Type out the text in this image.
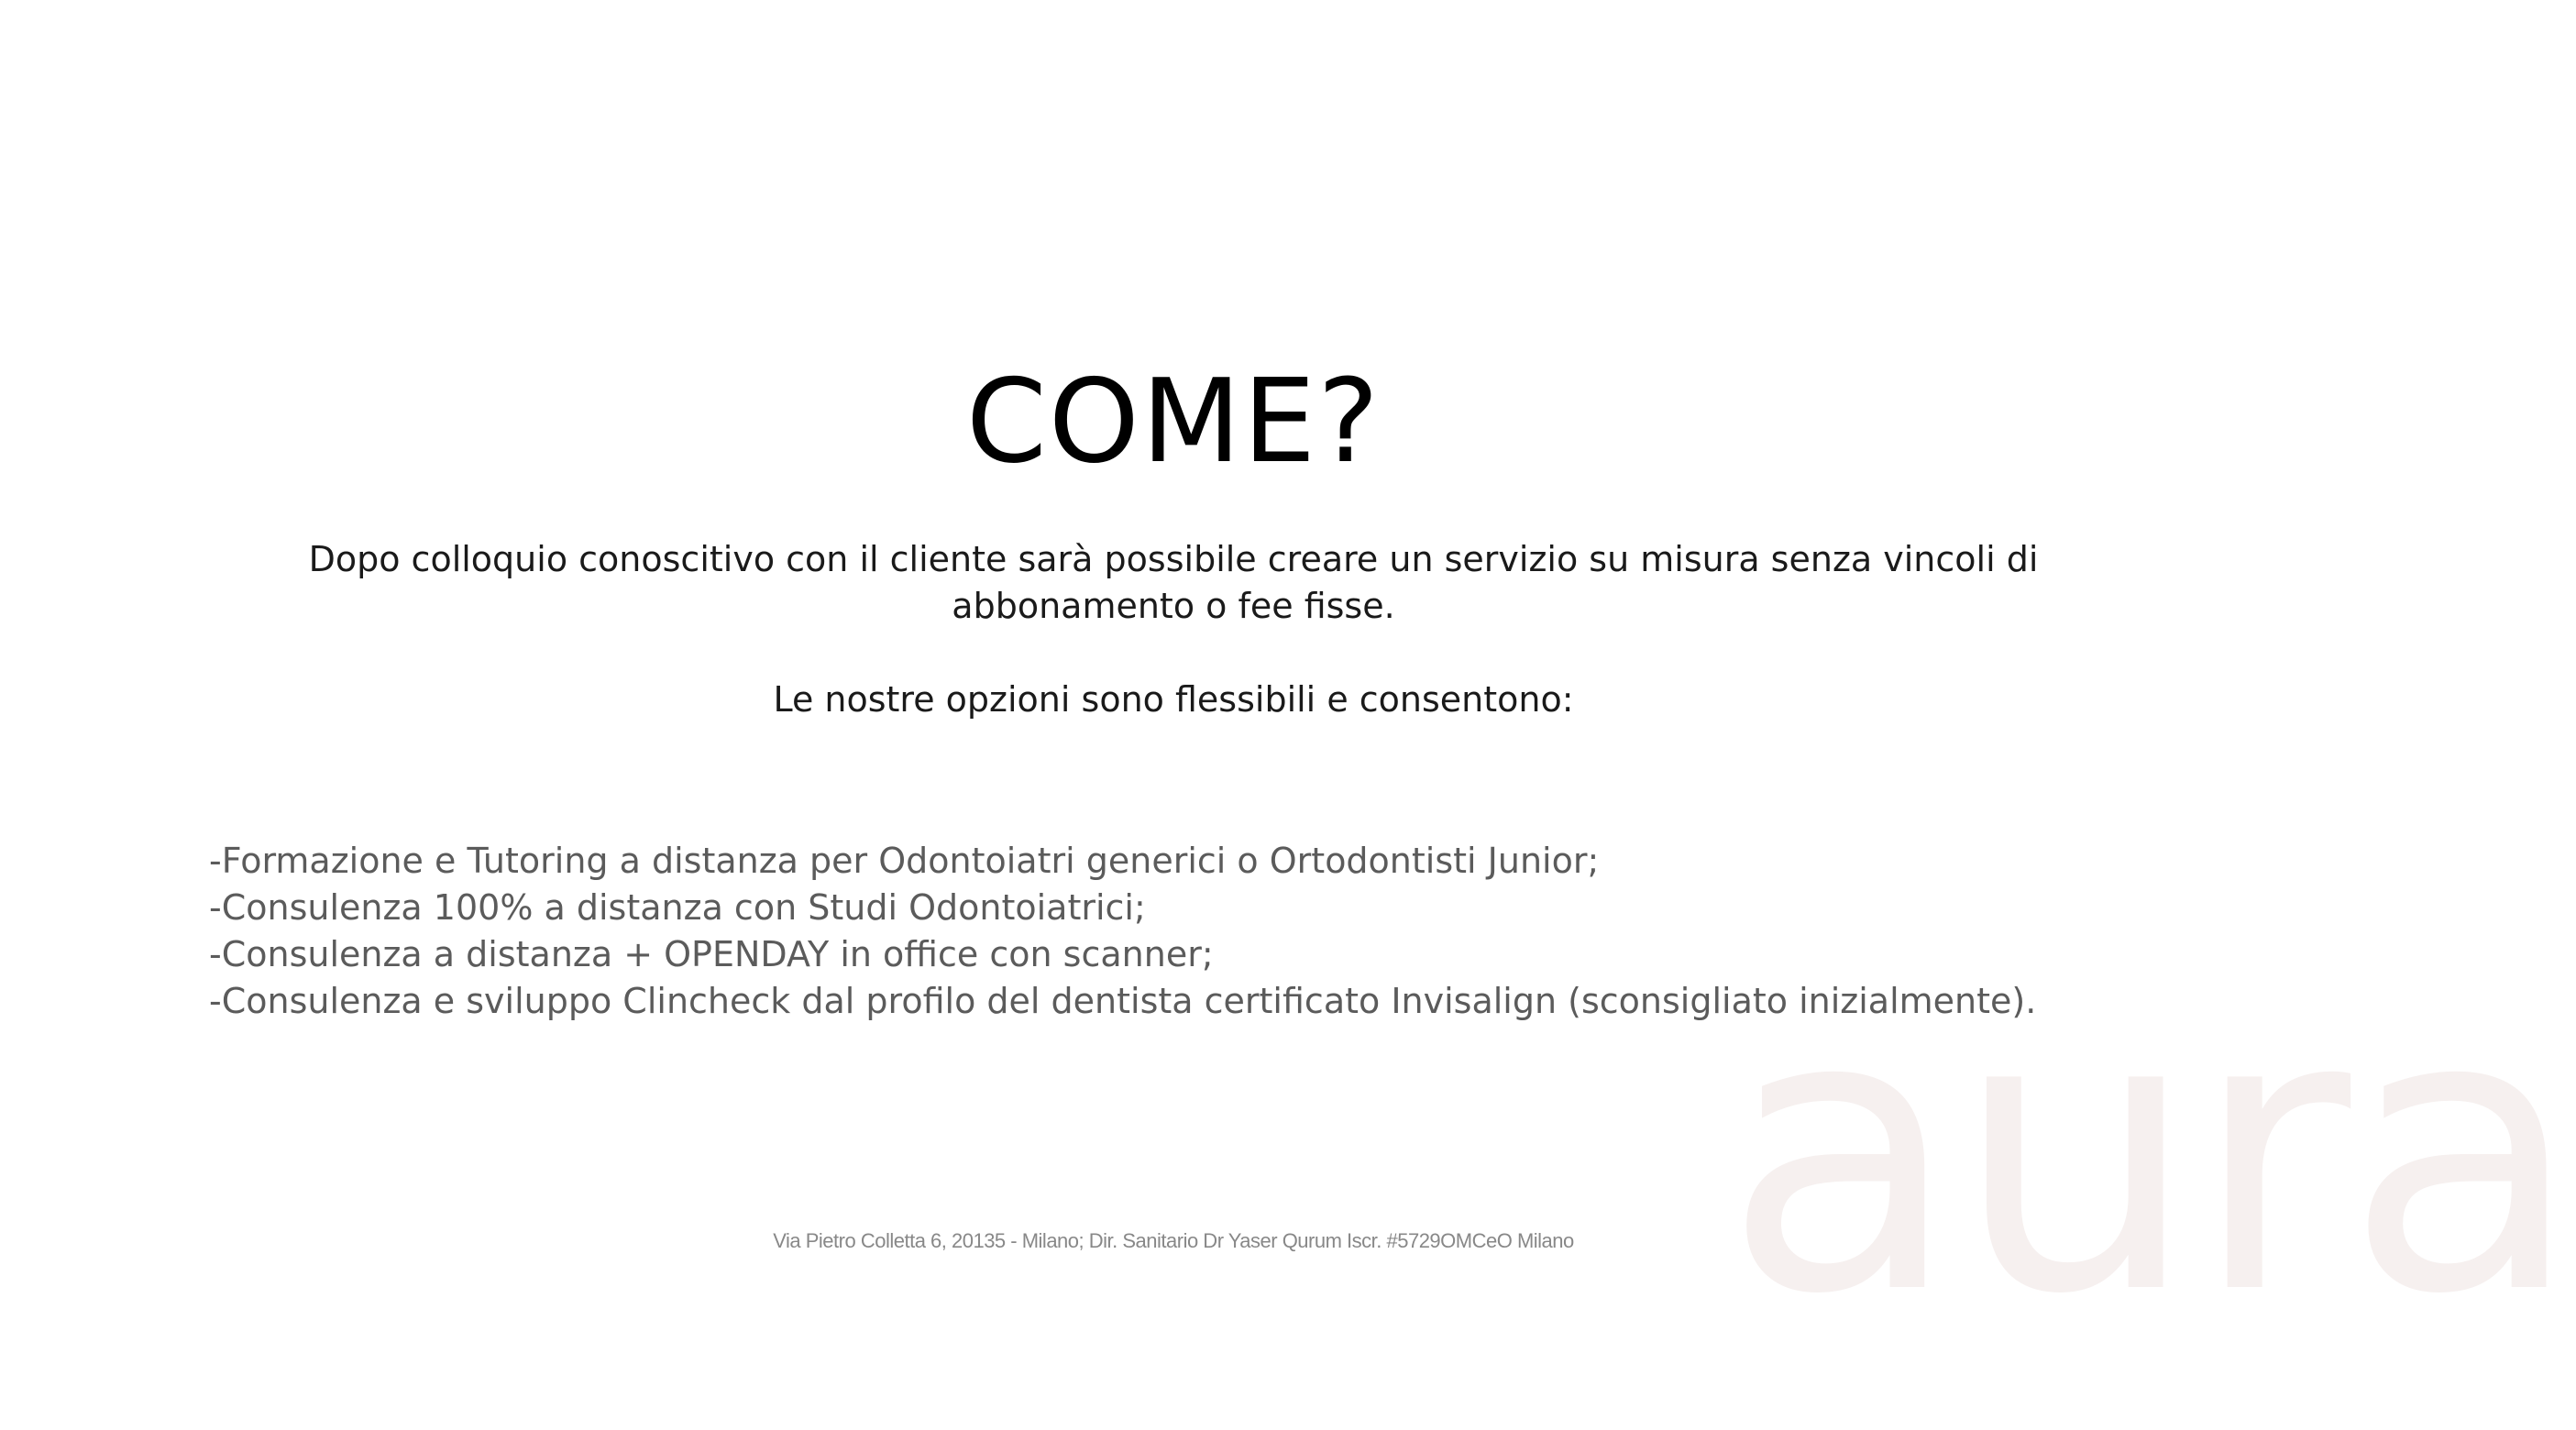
aura
COME?

Dopo colloquio conoscitivo con il cliente sarà possibile creare un servizio su misura senza vincoli di

abbonamento o fee fisse.

Le nostre opzioni sono flessibili e consentono:

-Formazione e Tutoring a distanza per Odontoiatri generici o Ortodontisti Junior;
-Consulenza 100% a distanza con Studi Odontoiatrici;
-Consulenza a distanza + OPENDAY in office con scanner;
-Consulenza e sviluppo Clincheck dal profilo del dentista certificato Invisalign (sconsigliato inizialmente).
Via Pietro Colletta 6, 20135 - Milano; Dir. Sanitario Dr Yaser Qurum Iscr. #5729OMCeO Milano
